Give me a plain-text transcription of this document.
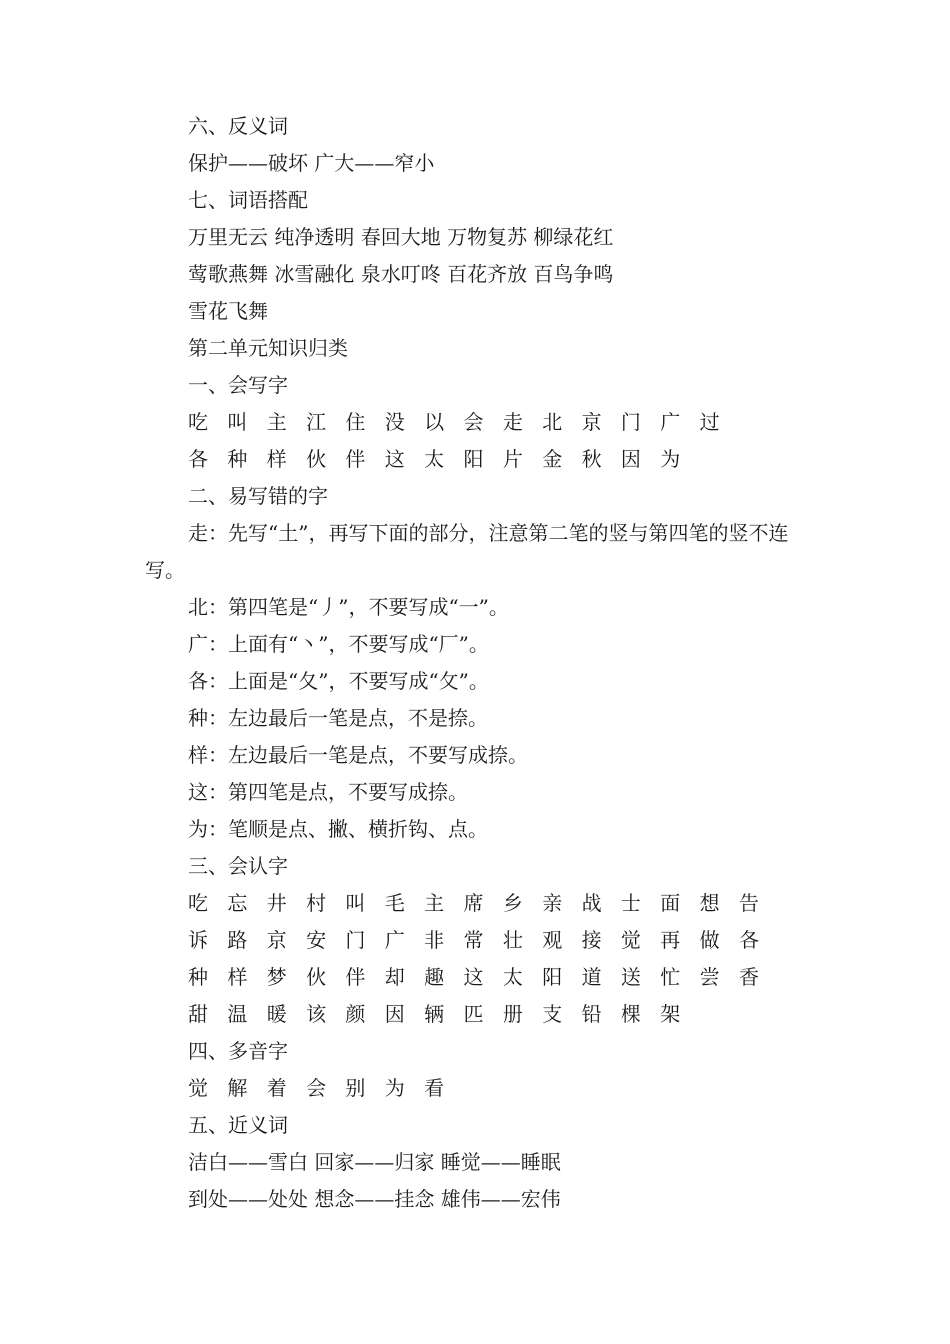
六、反义词
保护——破坏 广大——窄小
七、词语搭配
万里无云 纯净透明 春回大地 万物复苏 柳绿花红
莺歌燕舞 冰雪融化 泉水叮咚 百花齐放 百鸟争鸣
雪花飞舞
第二单元知识归类
一、会写字
吃 叫 主 江 住 没 以 会 走 北 京 门 广 过
各 种 样 伙 伴 这 太 阳 片 金 秋 因 为
二、易写错的字
走：先写“土”，再写下面的部分，注意第二笔的竖与第四笔的竖不连写。
北：第四笔是“丿”，不要写成“一”。
广：上面有“丶”，不要写成“厂”。
各：上面是“夂”，不要写成“攵”。
种：左边最后一笔是点，不是捺。
样：左边最后一笔是点，不要写成捺。
这：第四笔是点，不要写成捺。
为：笔顺是点、撇、横折钩、点。
三、会认字
吃 忘 井 村 叫 毛 主 席 乡 亲 战 士 面 想 告
诉 路 京 安 门 广 非 常 壮 观 接 觉 再 做 各
种 样 梦 伙 伴 却 趣 这 太 阳 道 送 忙 尝 香
甜 温 暖 该 颜 因 辆 匹 册 支 铅 棵 架
四、多音字
觉 解 着 会 别 为 看
五、近义词
洁白——雪白 回家——归家 睡觉——睡眠
到处——处处 想念——挂念 雄伟——宏伟
